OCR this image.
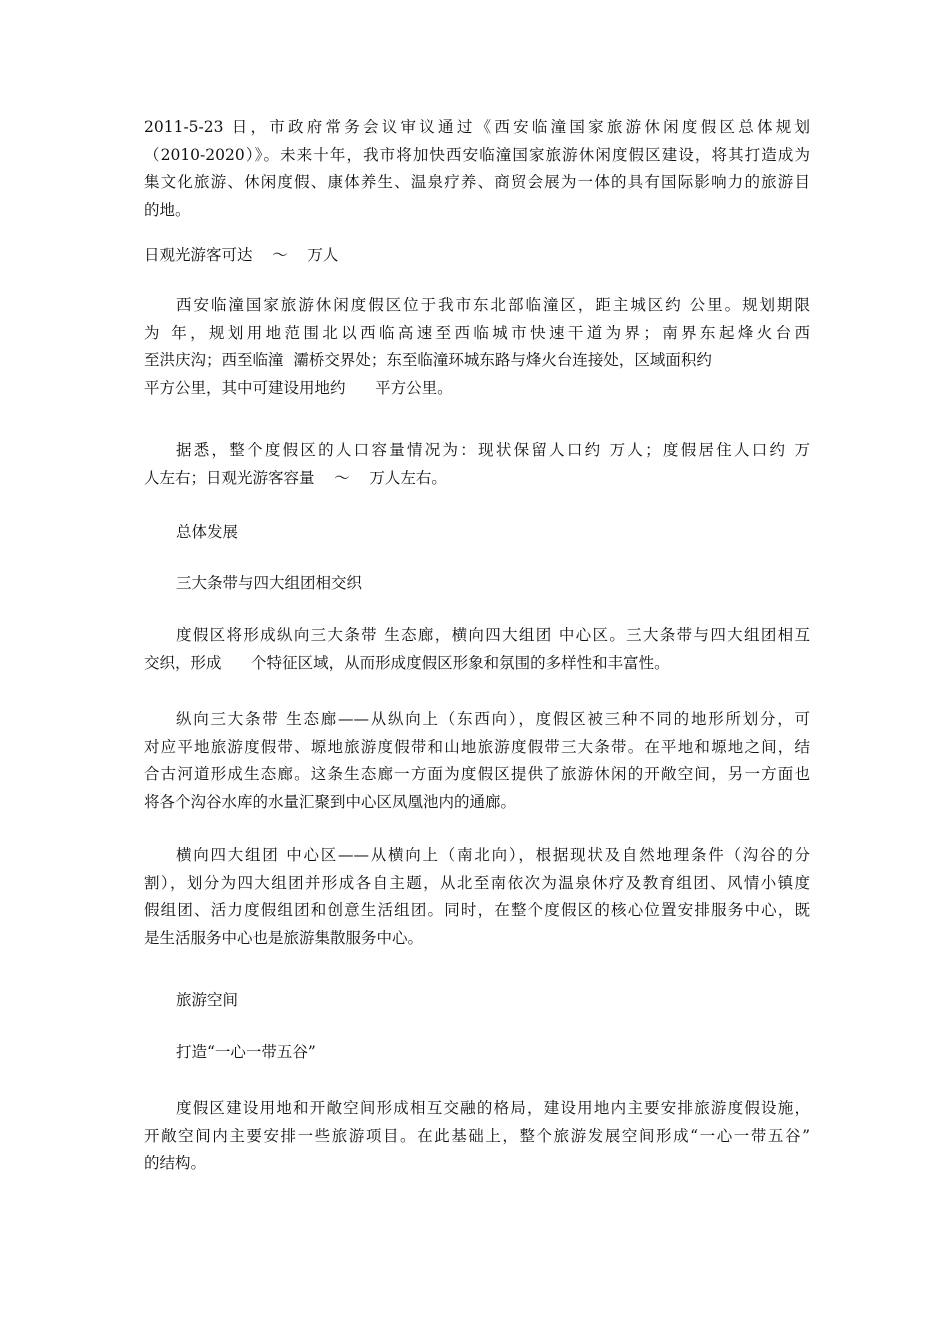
2011-5-23 日，市政府常务会议审议通过《西安临潼国家旅游休闲度假区总体规划
（2010-2020）》。未来十年，我市将加快西安临潼国家旅游休闲度假区建设，将其打造成为
集文化旅游、休闲度假、康体养生、温泉疗养、商贸会展为一体的具有国际影响力的旅游目
的地。
日观光游客可达    ～    万人
西安临潼国家旅游休闲度假区位于我市东北部临潼区，距主城区约 公里。规划期限
为 年，规划用地范围北以西临高速至西临城市快速干道为界；南界东起烽火台西
至洪庆沟；西至临潼  灞桥交界处；东至临潼环城东路与烽火台连接处，区域面积约
平方公里，其中可建设用地约      平方公里。
据悉，整个度假区的人口容量情况为：现状保留人口约 万人；度假居住人口约 万
人左右；日观光游客容量    ～    万人左右。
总体发展
三大条带与四大组团相交织
度假区将形成纵向三大条带 生态廊，横向四大组团 中心区。三大条带与四大组团相互
交织，形成      个特征区域，从而形成度假区形象和氛围的多样性和丰富性。
纵向三大条带 生态廊——从纵向上（东西向），度假区被三种不同的地形所划分，可
对应平地旅游度假带、塬地旅游度假带和山地旅游度假带三大条带。在平地和塬地之间，结
合古河道形成生态廊。这条生态廊一方面为度假区提供了旅游休闲的开敞空间，另一方面也
将各个沟谷水库的水量汇聚到中心区凤凰池内的通廊。
横向四大组团 中心区——从横向上（南北向），根据现状及自然地理条件（沟谷的分
割），划分为四大组团并形成各自主题，从北至南依次为温泉休疗及教育组团、风情小镇度
假组团、活力度假组团和创意生活组团。同时，在整个度假区的核心位置安排服务中心，既
是生活服务中心也是旅游集散服务中心。
旅游空间
打造“一心一带五谷”
度假区建设用地和开敞空间形成相互交融的格局，建设用地内主要安排旅游度假设施，
开敞空间内主要安排一些旅游项目。在此基础上，整个旅游发展空间形成“一心一带五谷”
的结构。
